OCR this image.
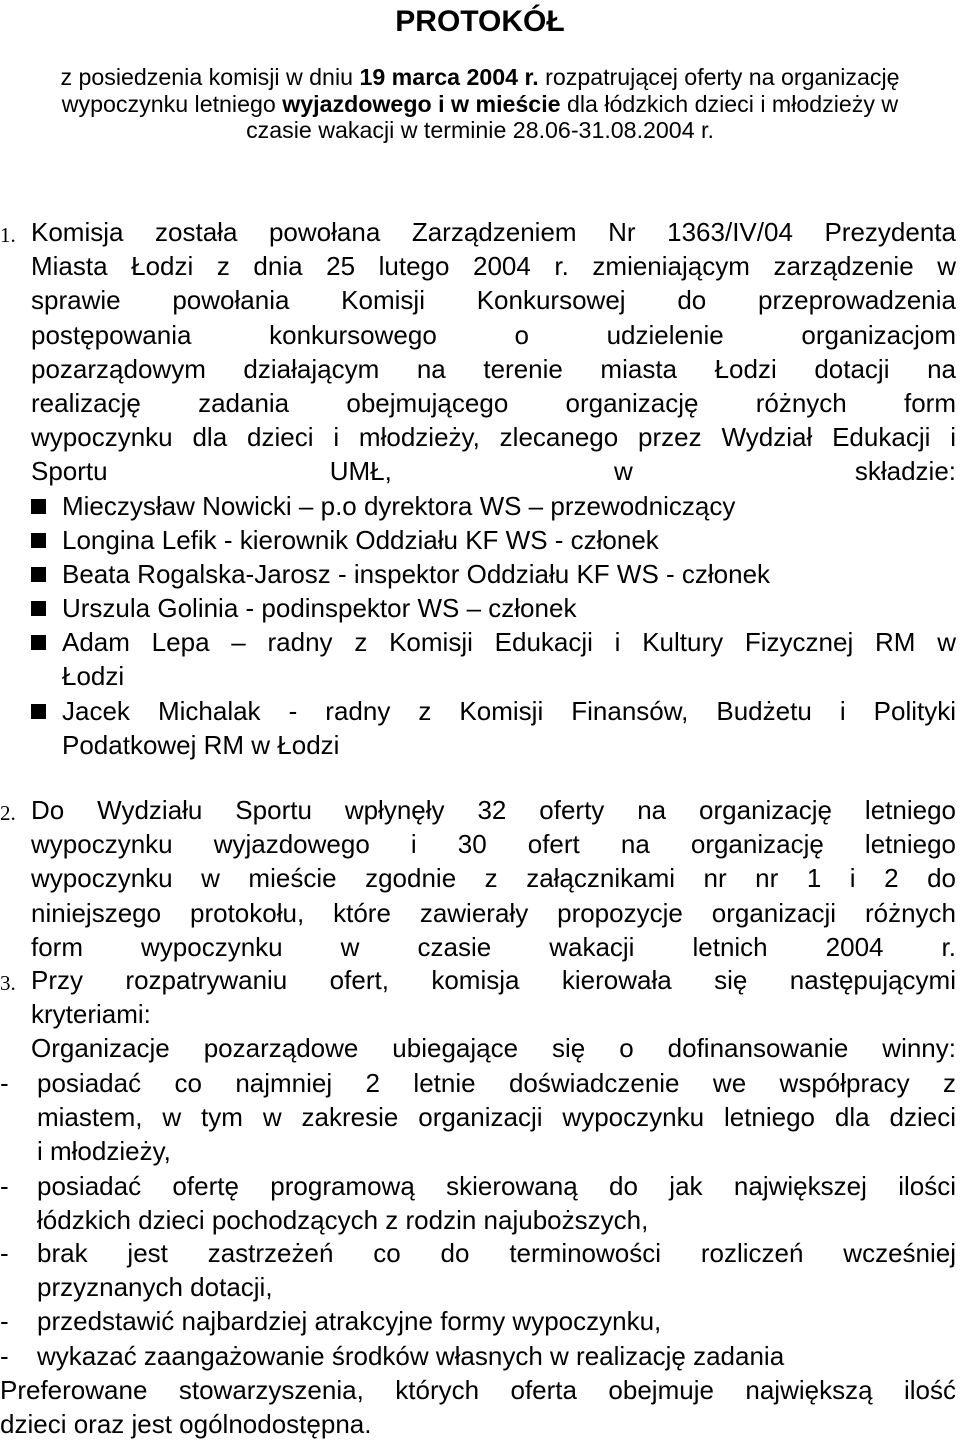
PROTOKÓŁ
z posiedzenia komisji w dniu 19 marca 2004 r. rozpatrującej oferty na organizację
wypoczynku letniego wyjazdowego i w mieście dla łódzkich dzieci i młodzieży w
czasie wakacji w terminie 28.06-31.08.2004 r.
1. Komisja została powołana Zarządzeniem Nr 1363/IV/04 Prezydenta
Miasta Łodzi z dnia 25 lutego 2004 r. zmieniającym zarządzenie w
sprawie powołania Komisji Konkursowej do przeprowadzenia
postępowania konkursowego o udzielenie organizacjom
pozarządowym działającym na terenie miasta Łodzi dotacji na
realizację zadania obejmującego organizację różnych form
wypoczynku dla dzieci i młodzieży, zlecanego przez Wydział Edukacji i
Sportu UMŁ, w składzie:
Mieczysław Nowicki – p.o dyrektora WS – przewodniczący
Longina Lefik - kierownik Oddziału KF WS - członek
Beata Rogalska-Jarosz - inspektor Oddziału KF WS - członek
Urszula Golinia - podinspektor WS – członek
Adam Lepa – radny z Komisji Edukacji i Kultury Fizycznej RM w
Łodzi
Jacek Michalak - radny z Komisji Finansów, Budżetu i Polityki
Podatkowej RM w Łodzi
2. Do Wydziału Sportu wpłynęły 32 oferty na organizację letniego
wypoczynku wyjazdowego i 30 ofert na organizację letniego
wypoczynku w mieście zgodnie z załącznikami nr nr 1 i 2 do
niniejszego protokołu, które zawierały propozycje organizacji różnych
form wypoczynku w czasie wakacji letnich 2004 r.
3. Przy rozpatrywaniu ofert, komisja kierowała się następującymi
kryteriami:
Organizacje pozarządowe ubiegające się o dofinansowanie winny:
-	posiadać co najmniej 2 letnie doświadczenie we współpracy z
miastem, w tym w zakresie organizacji wypoczynku letniego dla dzieci
i młodzieży,
-	posiadać ofertę programową skierowaną do jak największej ilości
łódzkich dzieci pochodzących z rodzin najuboższych,
-	brak jest zastrzeżeń co do terminowości rozliczeń wcześniej
przyznanych dotacji,
-	przedstawić najbardziej atrakcyjne formy wypoczynku,
-	wykazać zaangażowanie środków własnych w realizację zadania
Preferowane stowarzyszenia, których oferta obejmuje największą ilość
dzieci oraz jest ogólnodostępna.
